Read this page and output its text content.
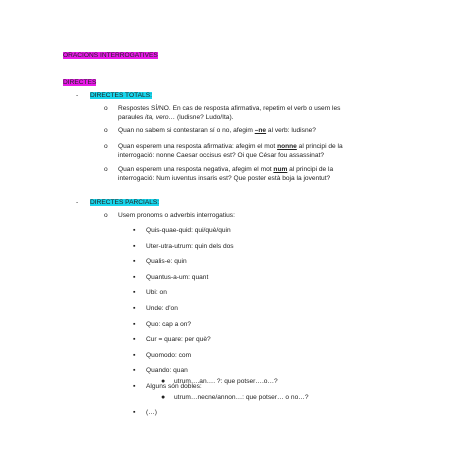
ORACIONS INTERROGATIVES
DIRECTES
- DIRECTES TOTALS:
o Respostes SÍ/NO. En cas de resposta afirmativa, repetim el verb o usem les
paraules ita, vero… (ludisne? Ludo/Ita).
o Quan no sabem si contestaran sí o no, afegim –ne al verb: ludisne?
o Quan esperem una resposta afirmativa: afegim el mot nonne al principi de la
interrogació: nonne Caesar occisus est? Oi que César fou assassinat?
o Quan esperem una resposta negativa, afegim el mot num al principi de la
interrogació: Num iuventus insaris est? Que poster està boja la joventut?
- DIRECTES PARCIALS:
o Usem pronoms o adverbis interrogatius:
▪ Quis-quae-quid: qui/què/quin
▪ Uter-utra-utrum: quin dels dos
▪ Qualis-e: quin
▪ Quantus-a-um: quant
▪ Ubi: on
▪ Unde: d’on
▪ Quo: cap a on?
▪ Cur = quare: per què?
▪ Quomodo: com
▪ Quando: quan
▪ Alguns són dobles:
● utrum….an…. ?: que potser….o…?
● utrum…necne/annon…: que potser… o no…?
▪ (…)
